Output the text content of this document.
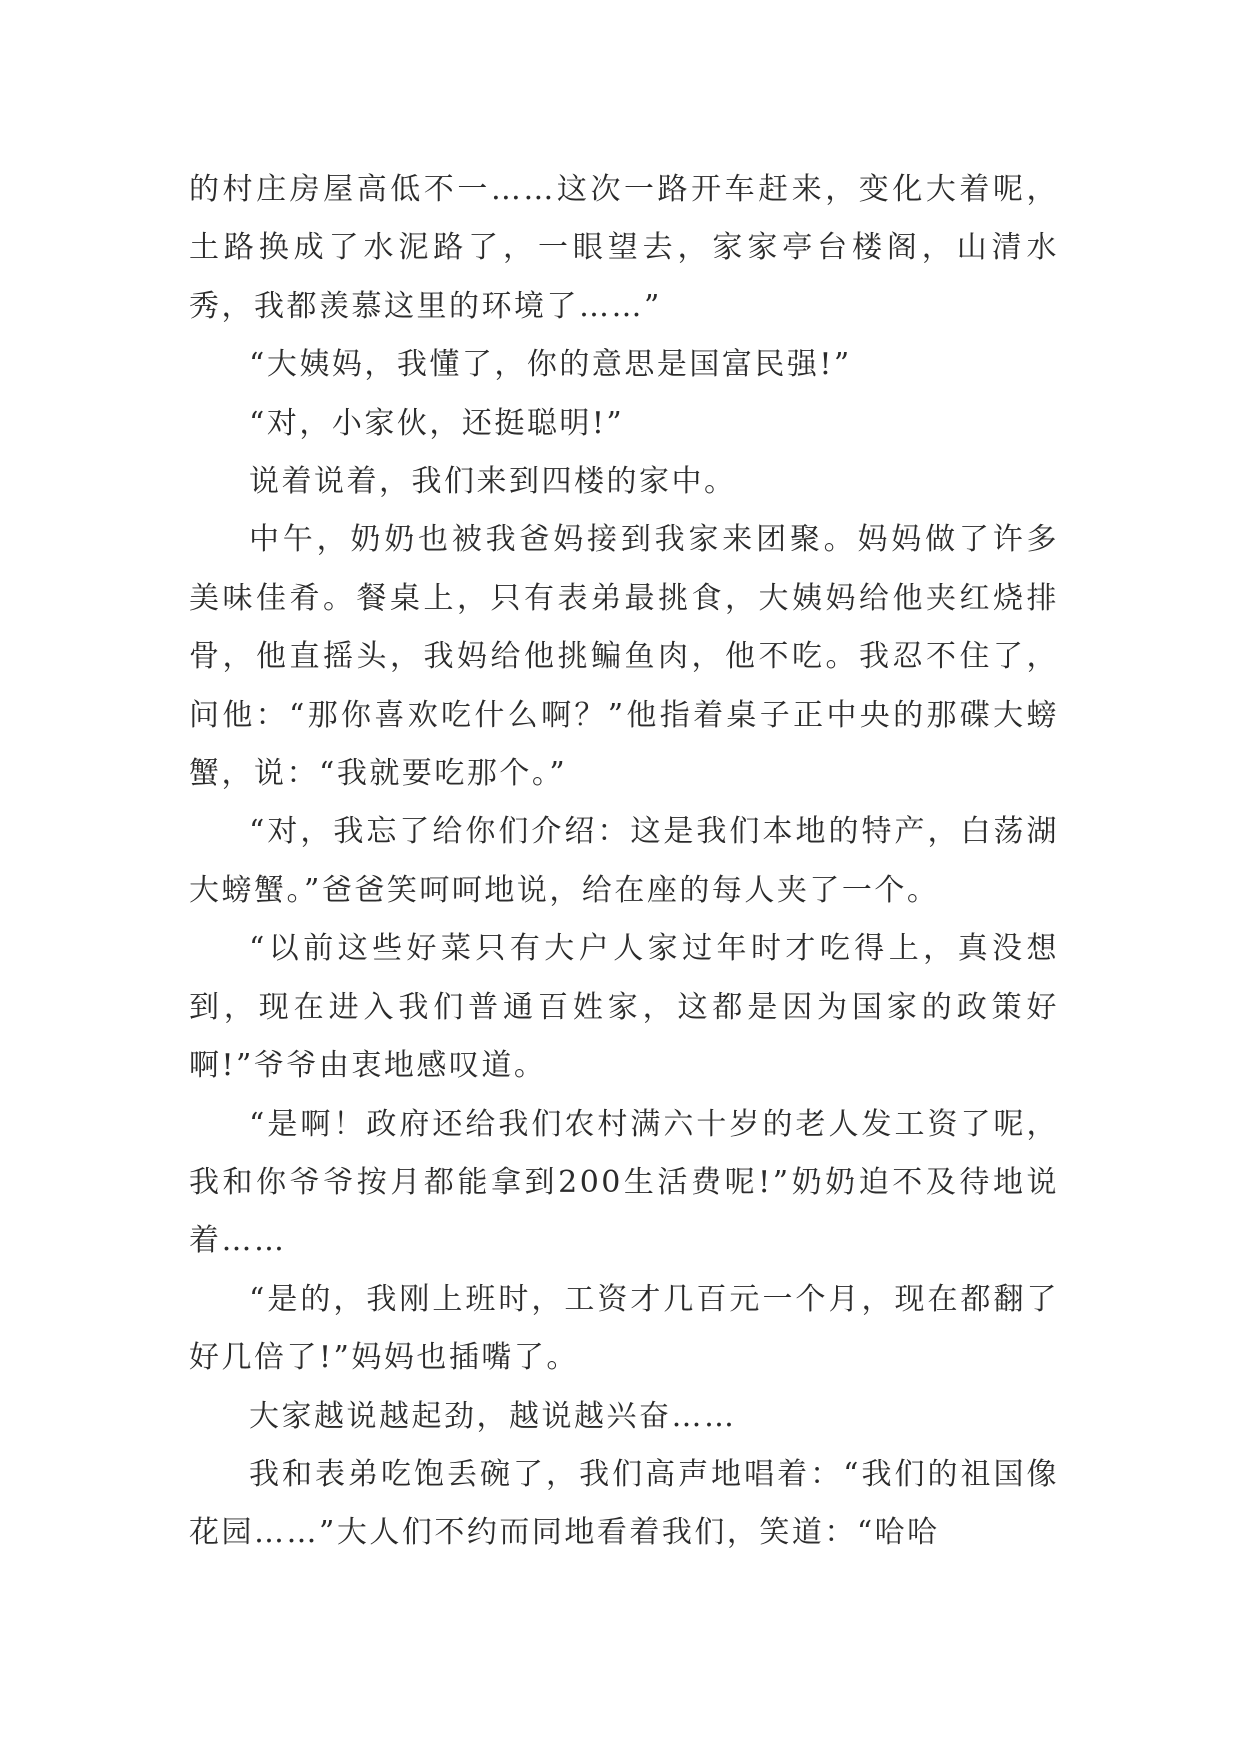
的村庄房屋高低不一……这次一路开车赶来，变化大着呢，土路换成了水泥路了，一眼望去，家家亭台楼阁，山清水秀，我都羡慕这里的环境了……”

“大姨妈，我懂了，你的意思是国富民强!”

“对，小家伙，还挺聪明!”

说着说着，我们来到四楼的家中。

中午，奶奶也被我爸妈接到我家来团聚。妈妈做了许多美味佳肴。餐桌上，只有表弟最挑食，大姨妈给他夹红烧排骨，他直摇头，我妈给他挑鳊鱼肉，他不吃。我忍不住了，问他：“那你喜欢吃什么啊？”他指着桌子正中央的那碟大螃蟹，说：“我就要吃那个。”

“对，我忘了给你们介绍：这是我们本地的特产，白荡湖大螃蟹。”爸爸笑呵呵地说，给在座的每人夹了一个。

“以前这些好菜只有大户人家过年时才吃得上，真没想到，现在进入我们普通百姓家，这都是因为国家的政策好啊!”爷爷由衷地感叹道。

“是啊！政府还给我们农村满六十岁的老人发工资了呢，我和你爷爷按月都能拿到200生活费呢!”奶奶迫不及待地说着……

“是的，我刚上班时，工资才几百元一个月，现在都翻了好几倍了!”妈妈也插嘴了。

大家越说越起劲，越说越兴奋……

我和表弟吃饱丢碗了，我们高声地唱着：“我们的祖国像花园……”大人们不约而同地看着我们，笑道：“哈哈
